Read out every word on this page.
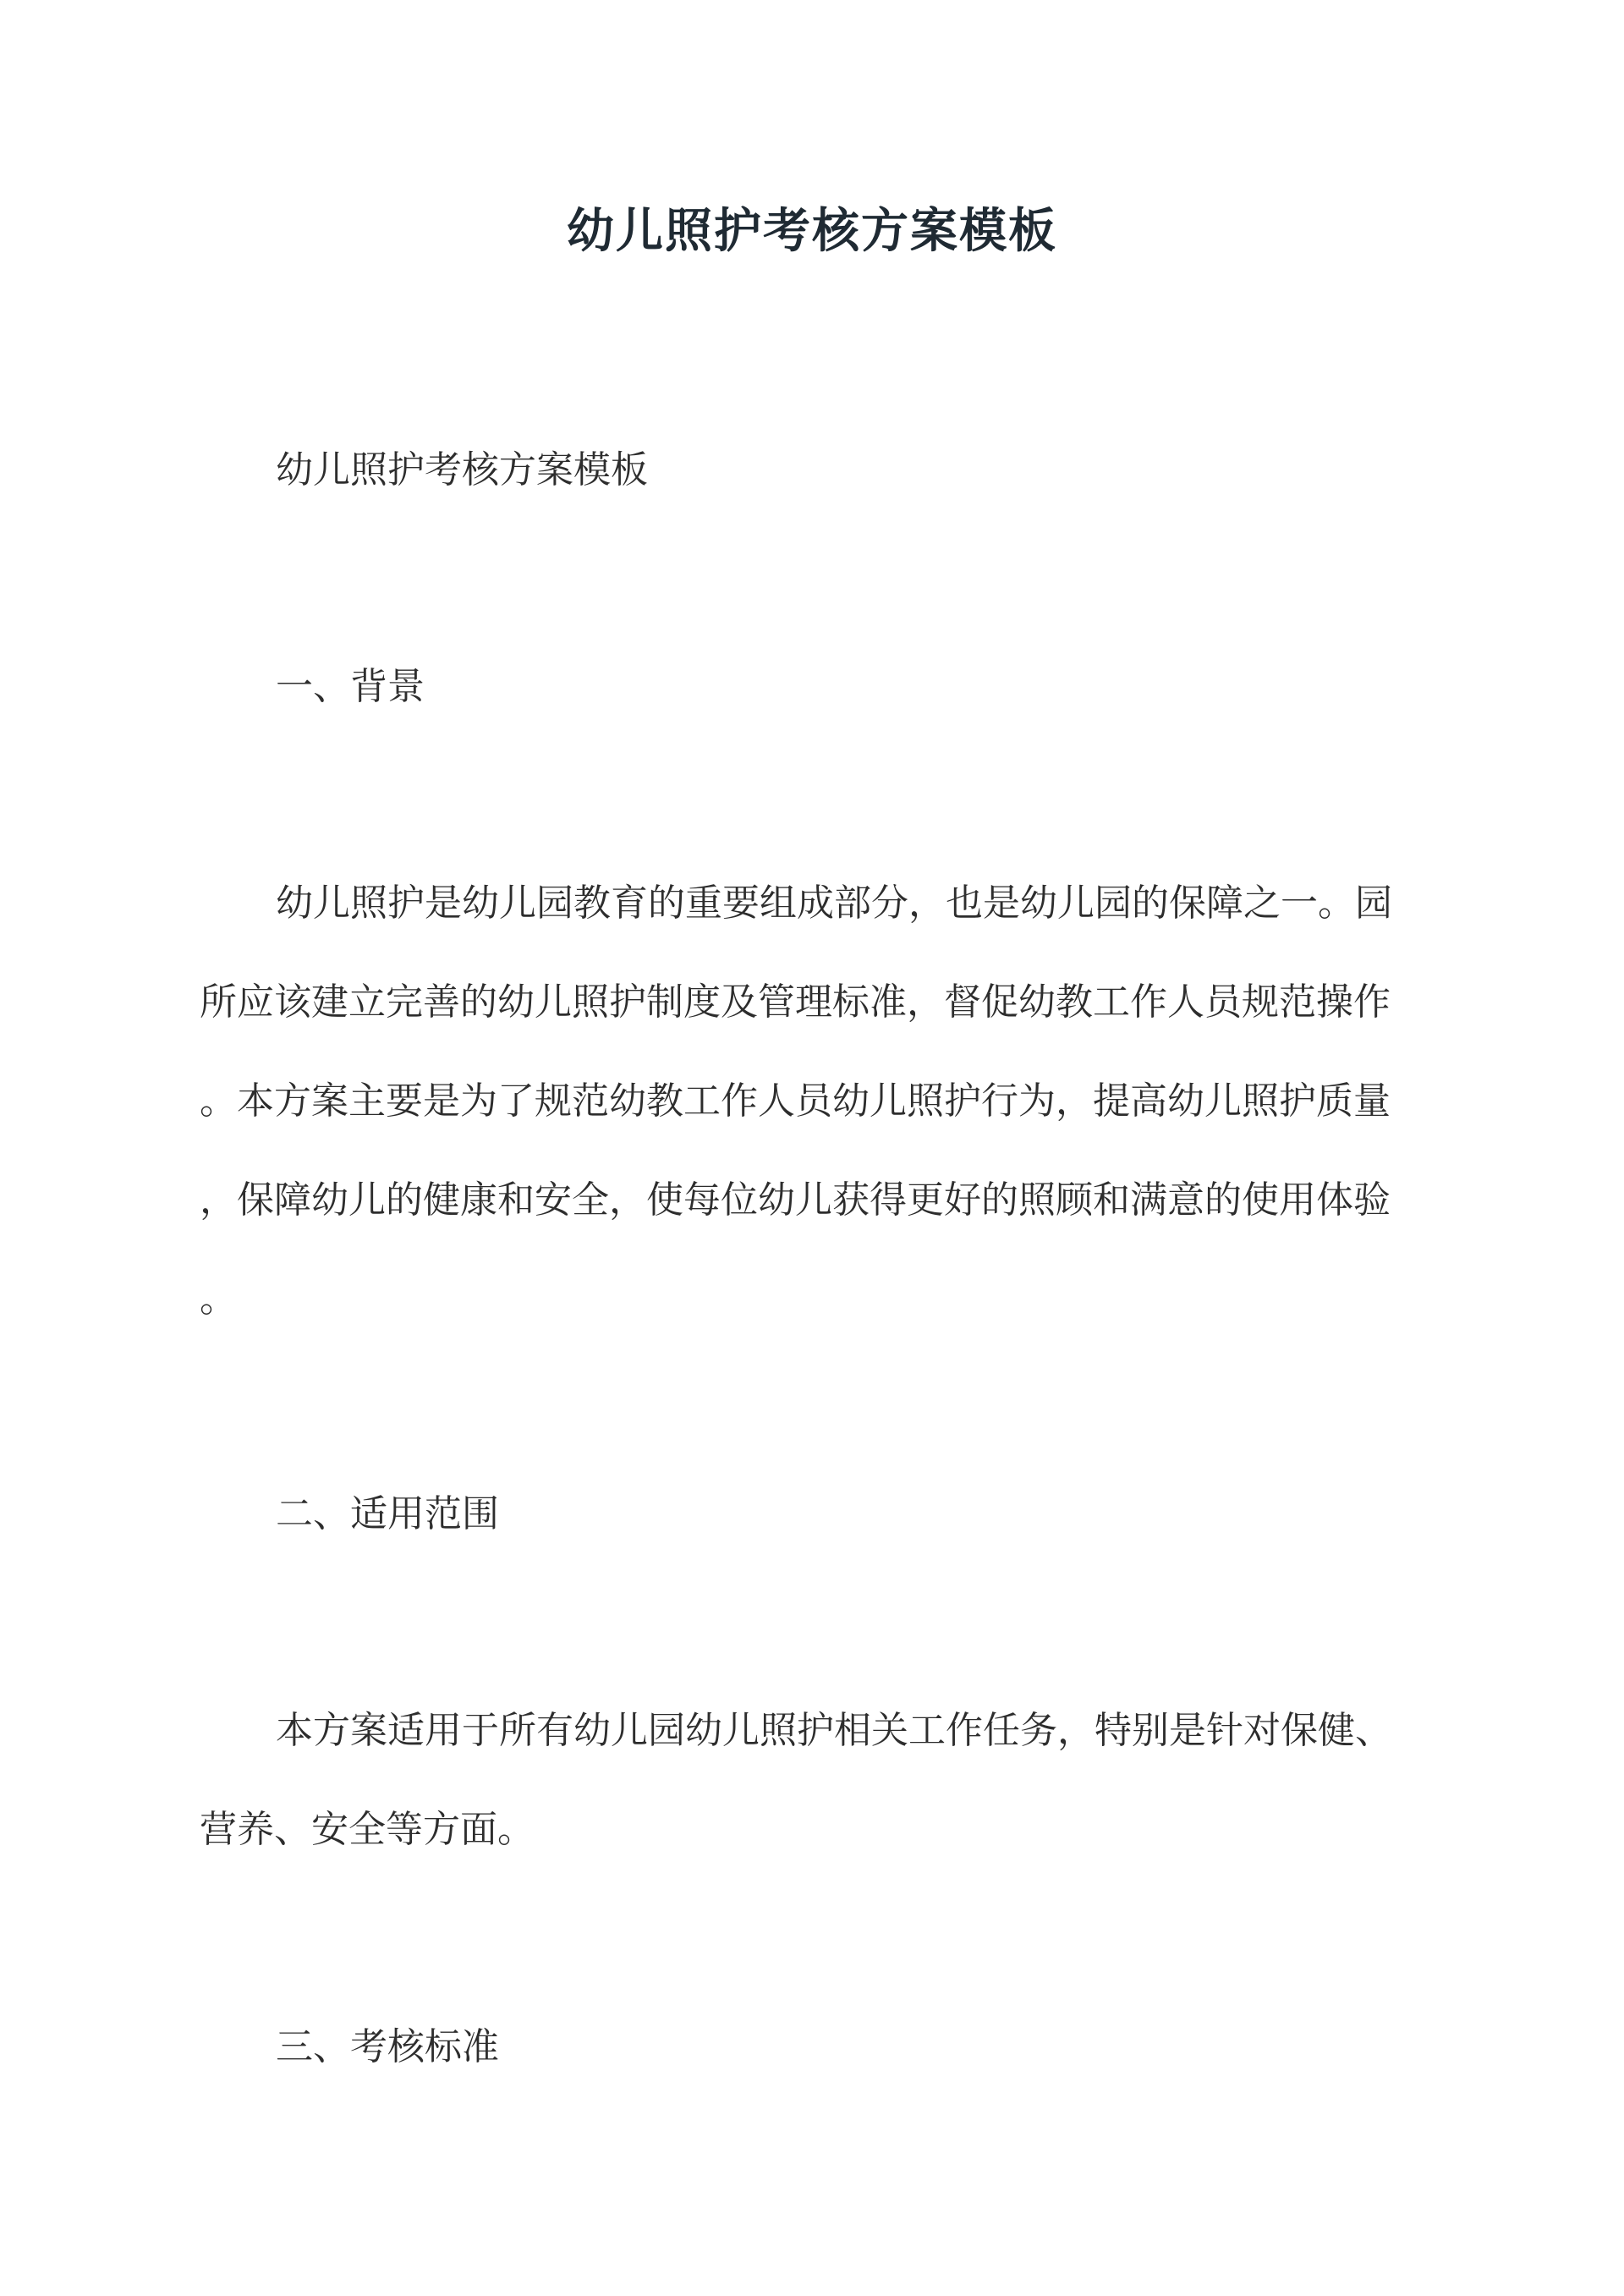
幼儿照护考核方案模板
幼儿照护考核方案模板
一、背景
幼儿照护是幼儿园教育的重要组成部分，也是幼儿园的保障之一。园
所应该建立完善的幼儿照护制度及管理标准，督促幼教工作人员规范操作
。本方案主要是为了规范幼教工作人员幼儿照护行为，提高幼儿照护质量
，保障幼儿的健康和安全，使每位幼儿获得更好的照顾和满意的使用体验
。
二、适用范围
本方案适用于所有幼儿园幼儿照护相关工作任务，特别是针对保健、
营养、安全等方面。
三、考核标准
